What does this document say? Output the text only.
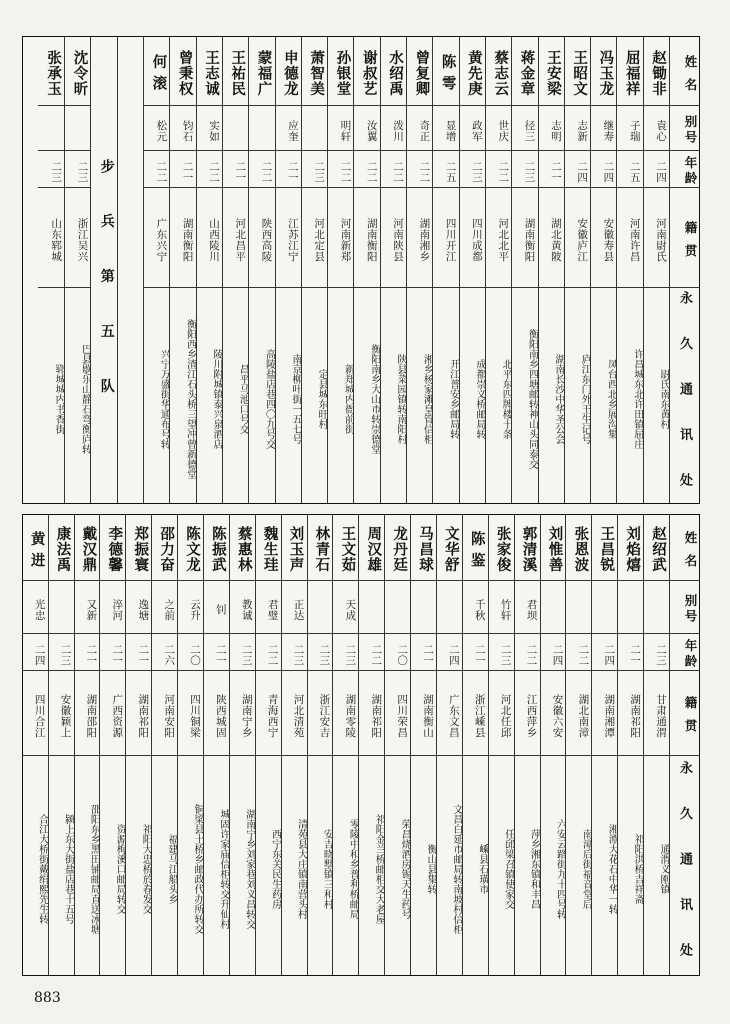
姓 名
别号
年龄
籍 贯
永 久 通 讯 处
赵锄非
袁心
二四
河南尉氏
尉氏南东黄村
屈福祥
子瑞
二五
河南许昌
许昌城东北许田镇屈庄
冯玉龙
继寿
二四
安徽寿县
凤台西北乡展沟集
王昭文
志新
二四
安徽庐江
庐江东门外王生记号
王安梁
志明
二一
湖北黄陂
湖南长沙中华圣公会
蒋金章
径三
二三
湖南衡阳
衡阳南乡四塘邮转神山头同泰交
蔡志云
世庆
二二
河北北平
北平东四牌楼十条
黄先庚
政军
二三
四川成都
成都崇义桥邮局转
陈 雩
显增
二五
四川开江
开江普安乡邮局转
曾复卿
奇正
二二
湖南湘乡
湘乡杨家滩皇管信柜
水绍禹
泼川
二二
河南陕县
陕县菜园镇转南阳村
谢叔艺
汝翼
二二
湖南衡阳
衡阳南乡大山市转崇德堂
孙银堂
明轩
二二
河南新郑
新郑城内衙前街
萧智美
二三
河北定县
定县城东旺村
申德龙
应奎
二一
江苏江宁
南京柳叶街一五七号
蒙福广
二二
陕西高陵
高陵盐店巷四〇九号交
王祐民
二一
河北昌平
昌平马池口号交
王志诚
实如
二二
山西陵川
陵川附城镇泰兴泉酒店
曾秉权
钧石
二一
湖南衡阳
衡阳西乡渣江石头桥三望冲曾新德堂
何 滚
松元
二二
广东兴宁
兴宁万盛街华通布号转
步 兵 第 五 队
沈令昕
二三
浙江吴兴
巴县歇乐山静石弯衡庐转
张承玉
二三
山东郓城
郓城城内书香街
姓 名
别号
年龄
籍 贯
永 久 通 讯 处
赵绍武
二三
甘肃通渭
通渭义刚镇
刘焰熺
二一
湖南祁阳
祁阳洪桥吉祥斋
王昌锐
二四
湖南湘潭
湘潭大花石中华一转
张恩波
二二
湖北南漳
南漳后街福音堂后
刘惟善
二四
安徽六安
六安云路街九十四号转
郭清溪
君坝
二二
江西萍乡
萍乡湘东镇和丰昌
张家俊
竹轩
二三
河北任邱
任邱梁召镇使家交
陈 鉴
千秋
二一
浙江嵊县
嵊县石璜市
文华舒
二四
广东文昌
文昌白延市邮局转南坡村信柜
马昌球
二一
湖南衡山
衡山县集转
龙丹廷
二〇
四川荣昌
荣昌烧酒房锡天生药号
周汉雄
二二
湖南祁阳
祁阳金兰桥邮柜交大老屋
王文茹
天成
二三
湖南零陵
零陵中和乡普利桥邮局
林青石
二三
浙江安吉
安吉晓墅镇三和村
刘玉声
正达
二三
河北清苑
清苑县大庄镇南营头村
魏生珪
君璧
二二
青海西宁
西宁东关民生药房
蔡惠林
教诚
二三
湖南宁乡
湖南宁乡刘家巷刘义昌转交
陈振武
钊
二一
陕西城固
城固许家庙信柜转交升仙村
陈文龙
云升
二〇
四川铜梁
铜梁县土桥乡邮政代办所转交
邵力奋
之前
二六
河南安阳
福建马江船头乡
郑振寰
逸塘
二一
湖南祁阳
祁阳大忠桥於春发交
李德馨
淬河
二一
广西资源
资源梅溪口邮局转交
戴汉鼎
又新
二一
湖南邵阳
邵阳东乡黑田铺邮局直送冰塘
康法禹
二三
安徽颖上
颍上东大街盐店巷十五号
黄 进
光忠
二四
四川合江
合江大桥街戴绢熙先生转
883
